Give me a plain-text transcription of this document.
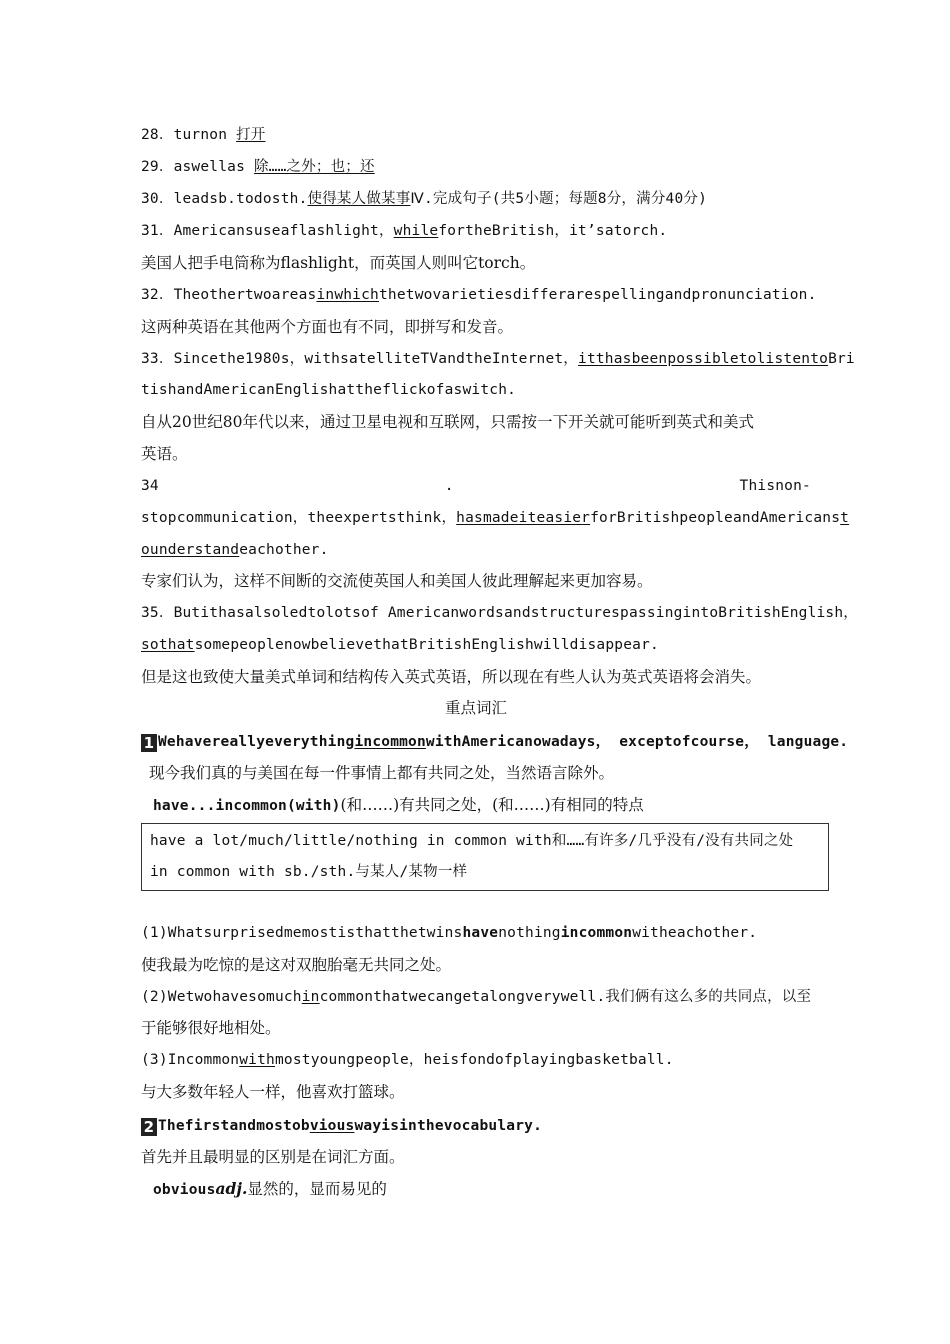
28．turnon 打开
29．aswellas 除……之外；也；还
30．leadsb.todosth.使得某人做某事Ⅳ.完成句子(共5小题；每题8分，满分40分)
31．Americansuseaflashlight，whilefortheBritish，it’satorch.
美国人把手电筒称为flashlight，而英国人则叫它torch。
32．Theothertwoareasinwhichthetwovarietiesdifferarespellingandpronunciation.
这两种英语在其他两个方面也有不同，即拼写和发音。
33．Sincethe1980s，withsatelliteTVandtheInternet，itthasbeenpossibletolistentoBri
tishandAmericanEnglishattheflickofaswitch.
自从20世纪80年代以来，通过卫星电视和互联网，只需按一下开关就可能听到英式和美式
英语。
34	.	Thisnon-
stopcommunication，theexpertsthink，hasmadeiteasierforBritishpeopleandAmericanst
ounderstandeachother.
专家们认为，这样不间断的交流使英国人和美国人彼此理解起来更加容易。
35．Butithasalsoledtolotsof AmericanwordsandstructurespassingintoBritishEnglish，
sothatsomepeoplenowbelievethatBritishEnglishwilldisappear.
但是这也致使大量美式单词和结构传入英式英语，所以现在有些人认为英式英语将会消失。
重点词汇
1 WehavereallyeverythingincommonwithAmericanowadays， exceptofcourse， language.
现今我们真的与美国在每一件事情上都有共同之处，当然语言除外。
have...incommon(with)(和……)有共同之处，(和……)有相同的特点
have a lot/much/little/nothing in common with和……有许多/几乎没有/没有共同之处
in common with sb./sth.与某人/某物一样
(1)Whatsurprisedmemostisthatthetwinshavenothingincommonwitheachother.
使我最为吃惊的是这对双胞胎毫无共同之处。
(2)Wetwohavesomuchincommonthatwecangetalongverywell.我们俩有这么多的共同点，以至
于能够很好地相处。
(3)Incommonwithmostyoungpeople，heisfondofplayingbasketball.
与大多数年轻人一样，他喜欢打篮球。
2 Thefirstandmostobviouswayisinthevocabulary.
首先并且最明显的区别是在词汇方面。
obviousadj.显然的，显而易见的
